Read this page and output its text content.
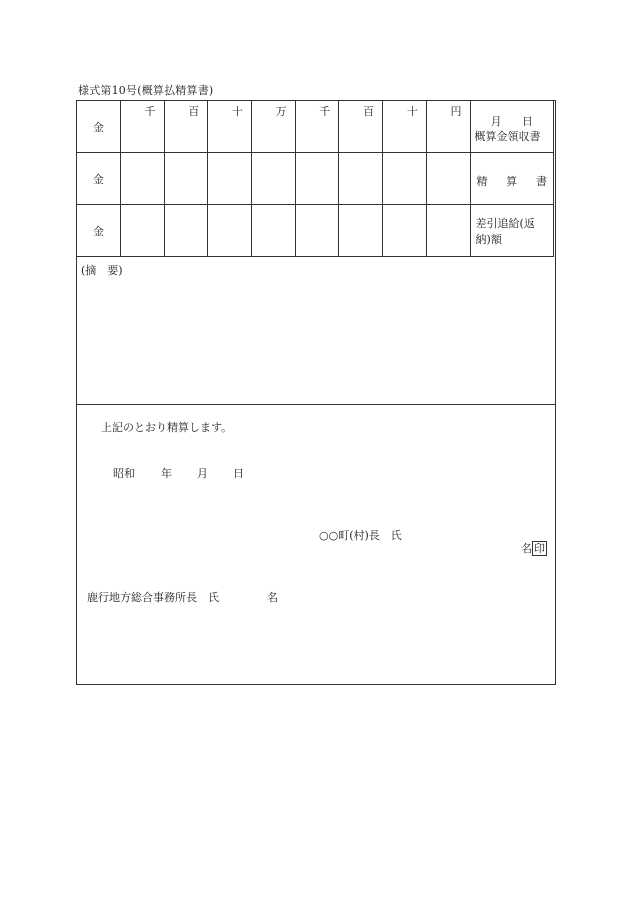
様式第10号(概算払精算書)
金	千	百	十	万	千	百	十	円	月 日
概算金領収書

金									精 算 書

金									差引追給(返納)額
(摘　要)
上記のとおり精算します。
昭和 年 月 日
○○町(村)長　氏

名 印

鹿行地方総合事務所長　氏	名
